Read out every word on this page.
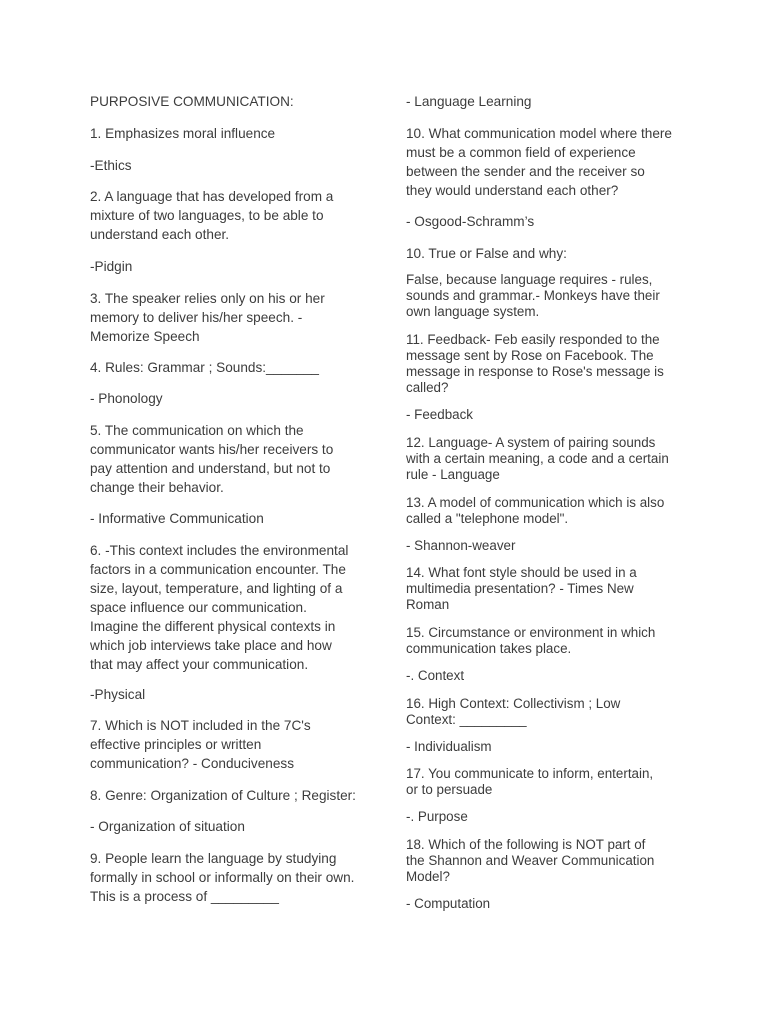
PURPOSIVE COMMUNICATION:

1. Emphasizes moral influence

-Ethics

2. A language that has developed from a
mixture of two languages, to be able to
understand each other.

-Pidgin

3. The speaker relies only on his or her
memory to deliver his/her speech. -
Memorize Speech

4. Rules: Grammar ; Sounds:_______

- Phonology

5. The communication on which the
communicator wants his/her receivers to
pay attention and understand, but not to
change their behavior.

- Informative Communication

6. -This context includes the environmental
factors in a communication encounter. The
size, layout, temperature, and lighting of a
space influence our communication.
Imagine the different physical contexts in
which job interviews take place and how
that may affect your communication.

-Physical

7. Which is NOT included in the 7C's
effective principles or written
communication? - Conduciveness

8. Genre: Organization of Culture ; Register:

- Organization of situation

9. People learn the language by studying
formally in school or informally on their own.
This is a process of _________

- Language Learning

10. What communication model where there
must be a common field of experience
between the sender and the receiver so
they would understand each other?

- Osgood-Schramm’s

10. True or False and why:

False, because language requires - rules,
sounds and grammar.- Monkeys have their
own language system.

11. Feedback- Feb easily responded to the
message sent by Rose on Facebook. The
message in response to Rose's message is
called?

- Feedback

12. Language- A system of pairing sounds
with a certain meaning, a code and a certain
rule - Language

13. A model of communication which is also
called a "telephone model".

- Shannon-weaver

14. What font style should be used in a
multimedia presentation? - Times New
Roman

15. Circumstance or environment in which
communication takes place.

-. Context

16. High Context: Collectivism ; Low
Context: _________

- Individualism

17. You communicate to inform, entertain,
or to persuade

-. Purpose

18. Which of the following is NOT part of
the Shannon and Weaver Communication
Model?

- Computation
